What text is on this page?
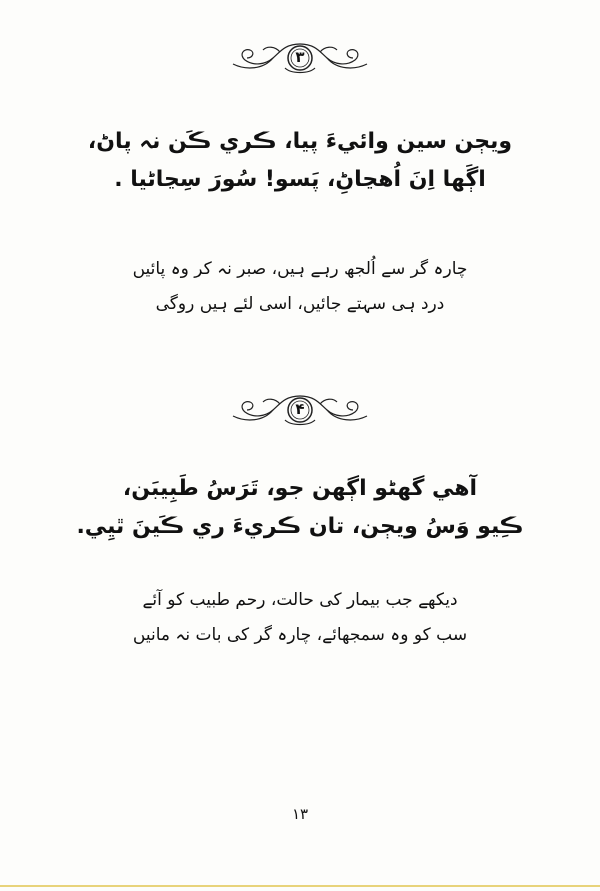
۳
ويڄن سين وائيءَ پيا، ڪري ڪَن نہ پاڻ،
اڳَھا اِنَ اُھڃاڻِ، پَسو! سُورَ سِڃاڻيا .
چارہ گر سے اُلجھ رہے ہیں، صبر نہ کر وہ پائیں
درد ہی سہتے جائیں، اسی لئے ہیں روگی
۴
آهي گھڻو اڳھن جو، تَرَسُ طَبِيبَن،
ڪِيو وَسُ ويڄن، تان ڪريءَ ري ڪَينَ ٿيِي.
دیکھے جب بیمار کی حالت، رحم طبیب کو آئے
سب کو وہ سمجھائے، چارہ گر کی بات نہ مانیں
۱۳
